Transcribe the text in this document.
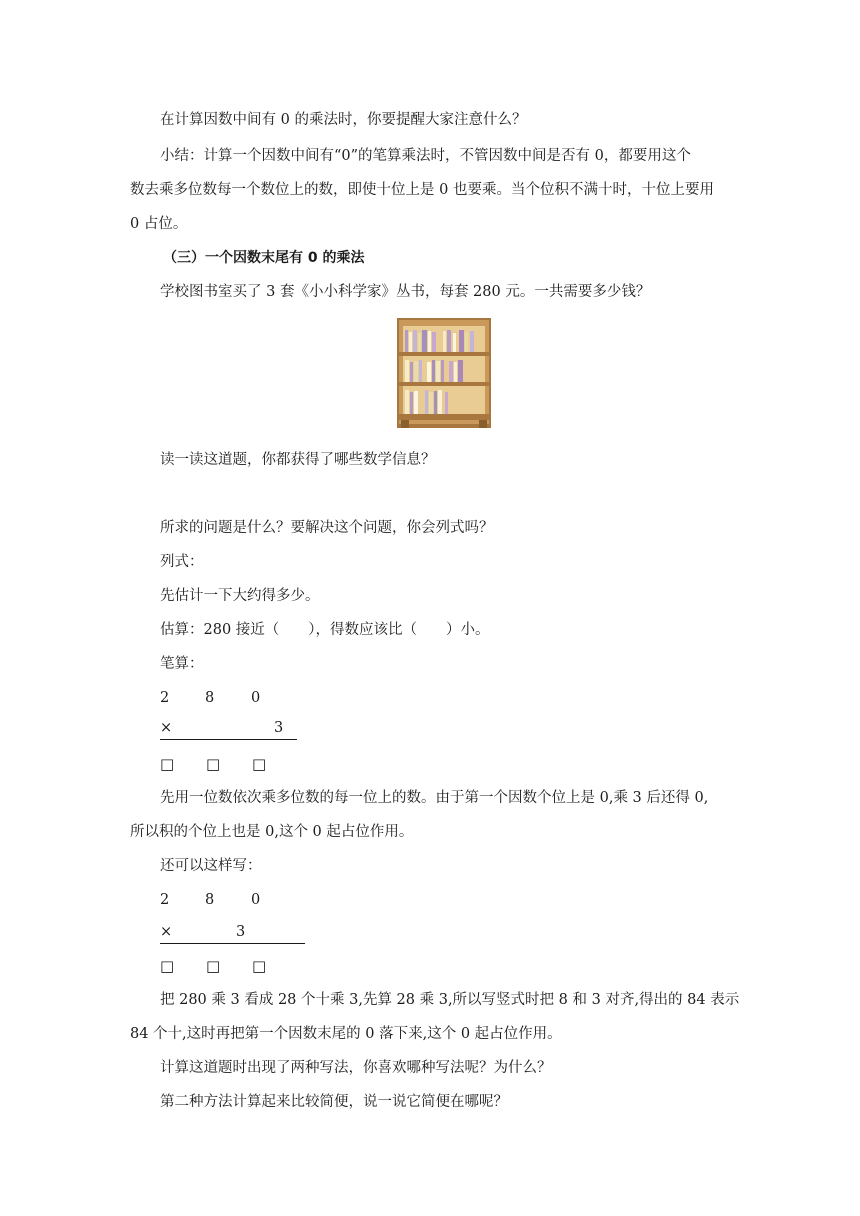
在计算因数中间有 0 的乘法时，你要提醒大家注意什么？
小结：计算一个因数中间有“0”的笔算乘法时，不管因数中间是否有 0，都要用这个
数去乘多位数每一个数位上的数，即使十位上是 0 也要乘。当个位积不满十时，十位上要用
0 占位。
（三）一个因数末尾有 0 的乘法
学校图书室买了 3 套《小小科学家》丛书，每套 280 元。一共需要多少钱？
读一读这道题，你都获得了哪些数学信息？
所求的问题是什么？要解决这个问题，你会列式吗？
列式：
先估计一下大约得多少。
估算：280 接近（　　），得数应该比（　　）小。
笔算：
2 8	0
×	3
□ □ □
先用一位数依次乘多位数的每一位上的数。由于第一个因数个位上是 0,乘 3 后还得 0,
所以积的个位上也是 0,这个 0 起占位作用。
还可以这样写：
2 8	0
×	3
□ □ □
把 280 乘 3 看成 28 个十乘 3,先算 28 乘 3,所以写竖式时把 8 和 3 对齐,得出的 84 表示
84 个十,这时再把第一个因数末尾的 0 落下来,这个 0 起占位作用。
计算这道题时出现了两种写法，你喜欢哪种写法呢？为什么？
第二种方法计算起来比较简便，说一说它简便在哪呢？
